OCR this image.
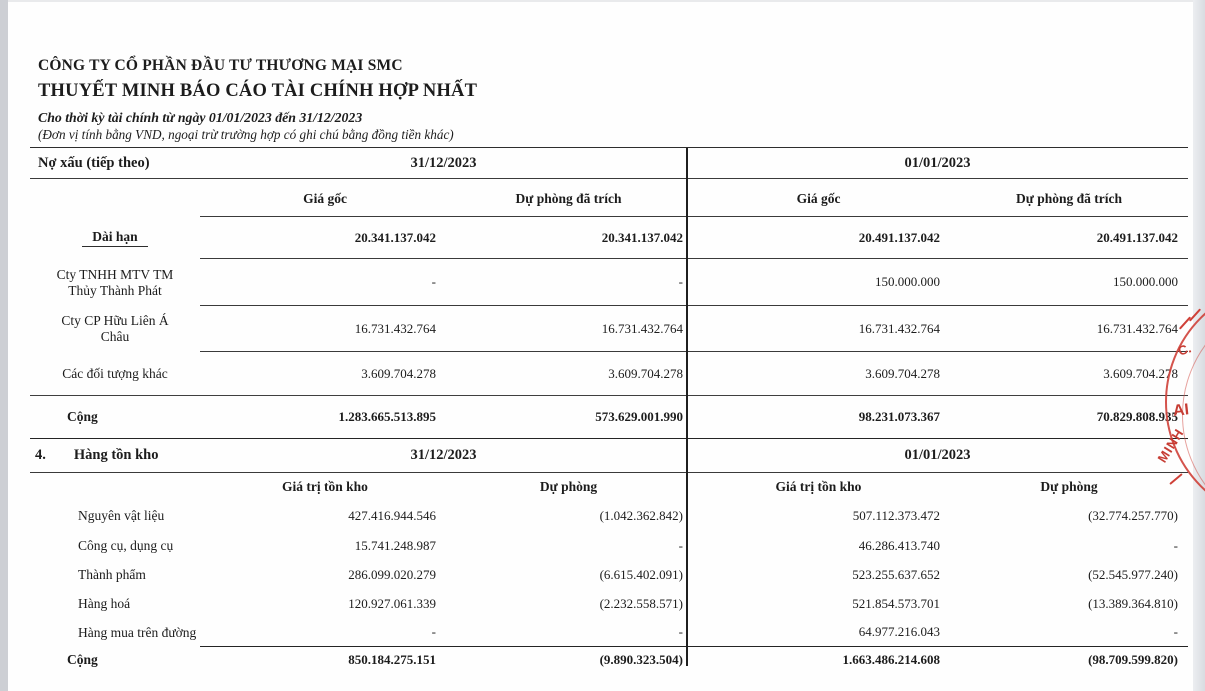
CÔNG TY CỔ PHẦN ĐẦU TƯ THƯƠNG MẠI SMC
THUYẾT MINH BÁO CÁO TÀI CHÍNH HỢP NHẤT
Cho thời kỳ tài chính từ ngày 01/01/2023 đến 31/12/2023
(Đơn vị tính bằng VND, ngoại trừ trường hợp có ghi chú bằng đồng tiền khác)
Nợ xấu (tiếp theo)	31/12/2023	01/01/2023
Giá gốc	Dự phòng đã trích	Giá gốc	Dự phòng đã trích
Dài hạn	20.341.137.042	20.341.137.042	20.491.137.042	20.491.137.042
Cty TNHH MTV TM
Thủy Thành Phát
-	-	150.000.000	150.000.000
Cty CP Hữu Liên Á
Châu
16.731.432.764	16.731.432.764	16.731.432.764	16.731.432.764
Các đối tượng khác	3.609.704.278	3.609.704.278	3.609.704.278	3.609.704.278
Cộng	1.283.665.513.895	573.629.001.990	98.231.073.367	70.829.808.935
4.	Hàng tồn kho	31/12/2023	01/01/2023
Giá trị tồn kho	Dự phòng	Giá trị tồn kho	Dự phòng
Nguyên vật liệu	427.416.944.546	(1.042.362.842)	507.112.373.472	(32.774.257.770)
Công cụ, dụng cụ	15.741.248.987	-	46.286.413.740	-
Thành phẩm	286.099.020.279	(6.615.402.091)	523.255.637.652	(52.545.977.240)
Hàng hoá	120.927.061.339	(2.232.558.571)	521.854.573.701	(13.389.364.810)
Hàng mua trên đường	-	-	64.977.216.043	-
Cộng	850.184.275.151	(9.890.323.504)	1.663.486.214.608	(98.709.599.820)
C.
AI
MINH
